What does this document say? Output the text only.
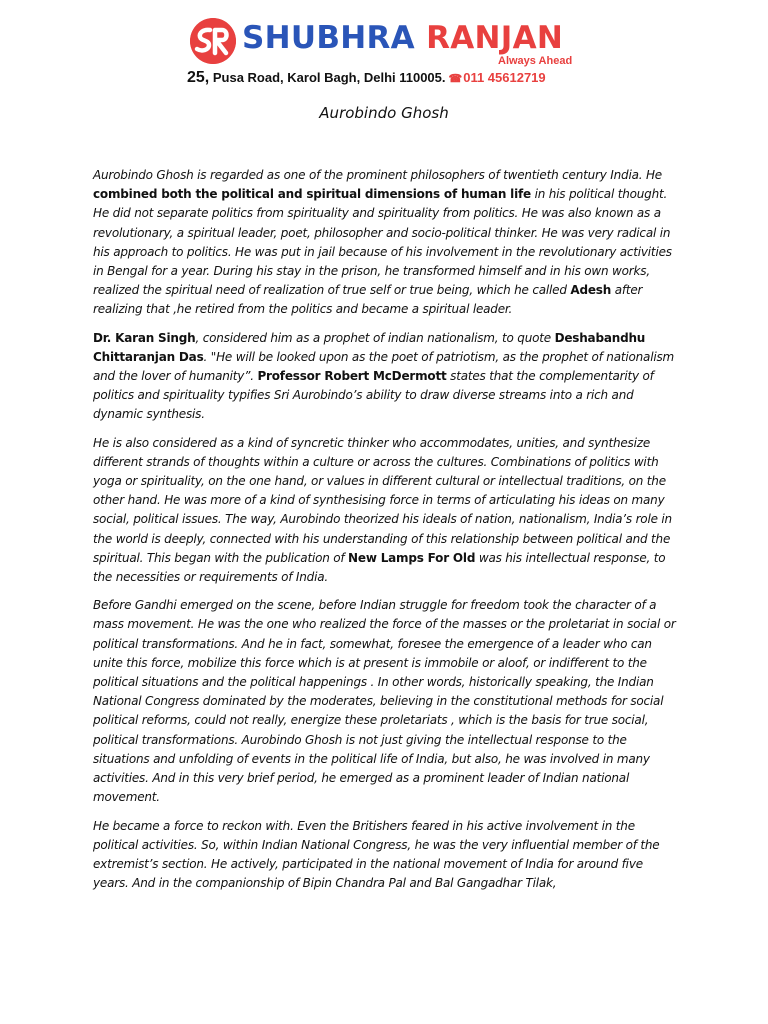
SHUBHRA RANJAN
Always Ahead
25, Pusa Road, Karol Bagh, Delhi 110005. ☎011 45612719
Aurobindo Ghosh

Aurobindo Ghosh is regarded as one of the prominent philosophers of twentieth century India. He combined both the political and spiritual dimensions of human life in his political thought. He did not separate politics from spirituality and spirituality from politics. He was also known as a revolutionary, a spiritual leader, poet, philosopher and socio-political thinker. He was very radical in his approach to politics. He was put in jail because of his involvement in the revolutionary activities in Bengal for a year. During his stay in the prison, he transformed himself and in his own works, realized the spiritual need of realization of true self or true being, which he called Adesh after realizing that ,he retired from the politics and became a spiritual leader.

Dr. Karan Singh, considered him as a prophet of indian nationalism, to quote Deshabandhu Chittaranjan Das. "He will be looked upon as the poet of patriotism, as the prophet of nationalism and the lover of humanity”. Professor Robert McDermott states that the complementarity of politics and spirituality typifies Sri Aurobindo’s ability to draw diverse streams into a rich and dynamic synthesis.

He is also considered as a kind of syncretic thinker who accommodates, unities, and synthesize different strands of thoughts within a culture or across the cultures. Combinations of politics with yoga or spirituality, on the one hand, or values in different cultural or intellectual traditions, on the other hand. He was more of a kind of synthesising force in terms of articulating his ideas on many social, political issues. The way, Aurobindo theorized his ideals of nation, nationalism, India’s role in the world is deeply, connected with his understanding of this relationship between political and the spiritual. This began with the publication of New Lamps For Old was his intellectual response, to the necessities or requirements of India.

Before Gandhi emerged on the scene, before Indian struggle for freedom took the character of a mass movement. He was the one who realized the force of the masses or the proletariat in social or political transformations. And he in fact, somewhat, foresee the emergence of a leader who can unite this force, mobilize this force which is at present is immobile or aloof, or indifferent to the political situations and the political happenings . In other words, historically speaking, the Indian National Congress dominated by the moderates, believing in the constitutional methods for social political reforms, could not really, energize these proletariats , which is the basis for true social, political transformations. Aurobindo Ghosh is not just giving the intellectual response to the situations and unfolding of events in the political life of India, but also, he was involved in many activities. And in this very brief period, he emerged as a prominent leader of Indian national movement.

He became a force to reckon with. Even the Britishers feared in his active involvement in the political activities. So, within Indian National Congress, he was the very influential member of the extremist’s section. He actively, participated in the national movement of India for around five years. And in the companionship of Bipin Chandra Pal and Bal Gangadhar Tilak,
